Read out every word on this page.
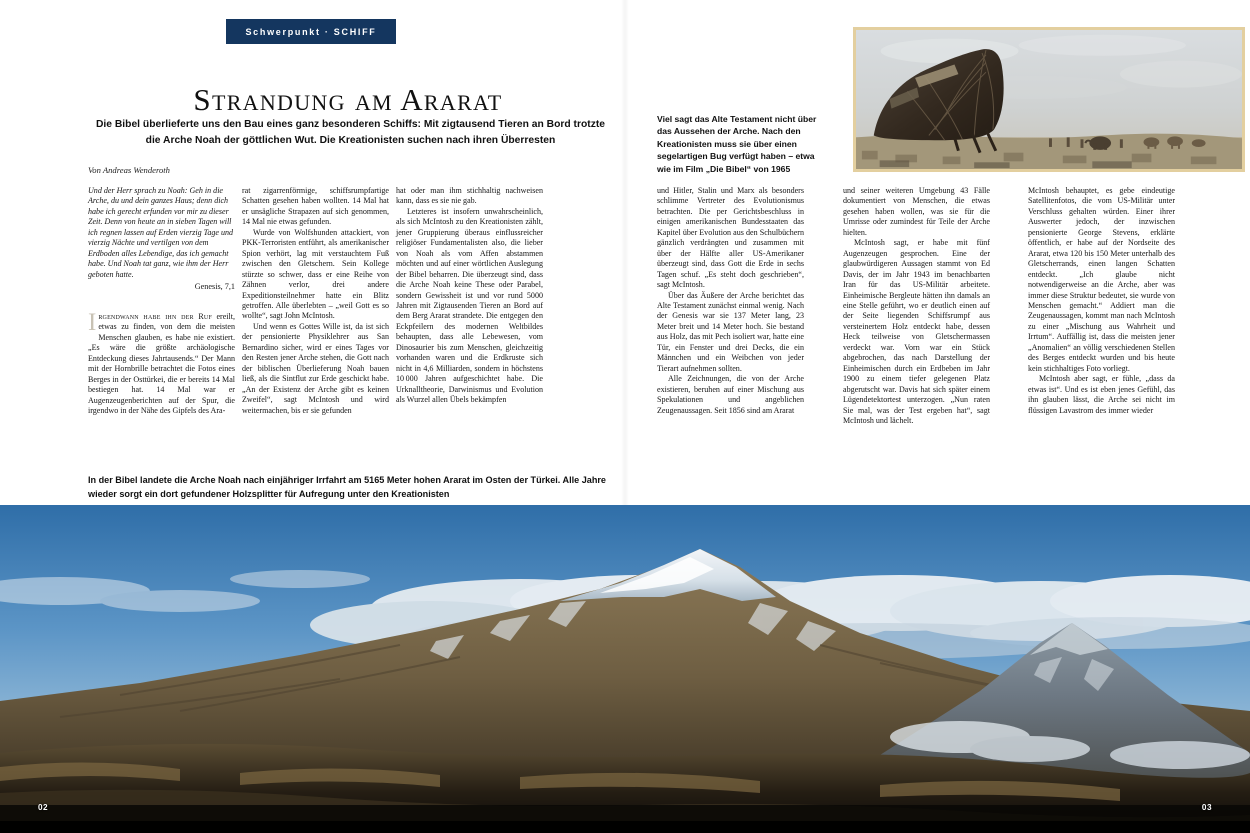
Schwerpunkt · SCHIFF
Strandung am Ararat
Die Bibel überlieferte uns den Bau eines ganz besonderen Schiffs: Mit zigtausend Tieren an Bord trotzte die Arche Noah der göttlichen Wut. Die Kreationisten suchen nach ihren Überresten
Von Andreas Wenderoth

Und der Herr sprach zu Noah: Geh in die Arche, du und dein ganzes Haus; denn dich habe ich gerecht erfunden vor mir zu dieser Zeit. Denn von heute an in sieben Tagen will ich regnen lassen auf Erden vierzig Tage und vierzig Nächte und vertilgen von dem Erdboden alles Lebendige, das ich gemacht habe. Und Noah tat ganz, wie ihm der Herr geboten hatte.

Genesis, 7,1

Irgendwann habe ihn der Ruf ereilt, etwas zu finden, von dem die meisten Menschen glauben, es habe nie existiert. „Es wäre die größte archäologische Entdeckung dieses Jahrtausends.“ Der Mann mit der Hornbrille betrachtet die Fotos eines Berges in der Osttürkei, die er bereits 14 Mal bestiegen hat. 14 Mal war er Augenzeugenberichten auf der Spur, die irgendwo in der Nähe des Gipfels des Ara-

rat zigarrenförmige, schiffsrumpfartige Schatten gesehen haben wollten. 14 Mal hat er unsägliche Strapazen auf sich genommen, 14 Mal nie etwas gefunden.

Wurde von Wolfshunden attackiert, von PKK-Terroristen entführt, als amerikanischer Spion verhört, lag mit verstauchtem Fuß zwischen den Gletschern. Sein Kollege stürzte so schwer, dass er eine Reihe von Zähnen verlor, drei andere Expeditionsteilnehmer hatte ein Blitz getroffen. Alle überlebten – „weil Gott es so wollte“, sagt John McIntosh.

Und wenn es Gottes Wille ist, da ist sich der pensionierte Physiklehrer aus San Bernardino sicher, wird er eines Tages vor den Resten jener Arche stehen, die Gott nach der biblischen Überlieferung Noah bauen ließ, als die Sintflut zur Erde geschickt habe. „An der Existenz der Arche gibt es keinen Zweifel“, sagt McIntosh und wird weitermachen, bis er sie gefunden

hat oder man ihm stichhaltig nachweisen kann, dass es sie nie gab.

Letzteres ist insofern unwahrscheinlich, als sich McIntosh zu den Kreationisten zählt, jener Gruppierung überaus einflussreicher religiöser Fundamentalisten also, die lieber von Noah als vom Affen abstammen möchten und auf einer wörtlichen Auslegung der Bibel beharren. Die überzeugt sind, dass die Arche Noah keine These oder Parabel, sondern Gewissheit ist und vor rund 5000 Jahren mit Zigtausenden Tieren an Bord auf dem Berg Ararat strandete. Die entgegen den Eckpfeilern des modernen Weltbildes behaupten, dass alle Lebewesen, vom Dinosaurier bis zum Menschen, gleichzeitig vorhanden waren und die Erdkruste sich nicht in 4,6 Milliarden, sondern in höchstens 10 000 Jahren aufgeschichtet habe. Die Urknalltheorie, Darwinismus und Evolution als Wurzel allen Übels bekämpfen

Viel sagt das Alte Testament nicht über das Aussehen der Arche. Nach den Kreationisten muss sie über einen segelartigen Bug verfügt haben – etwa wie im Film „Die Bibel“ von 1965

und Hitler, Stalin und Marx als besonders schlimme Vertreter des Evolutionismus betrachten. Die per Gerichtsbeschluss in einigen amerikanischen Bundesstaaten das Kapitel über Evolution aus den Schulbüchern gänzlich verdrängten und zusammen mit über der Hälfte aller US-Amerikaner überzeugt sind, dass Gott die Erde in sechs Tagen schuf. „Es steht doch geschrieben“, sagt McIntosh.

Über das Äußere der Arche berichtet das Alte Testament zunächst einmal wenig. Nach der Genesis war sie 137 Meter lang, 23 Meter breit und 14 Meter hoch. Sie bestand aus Holz, das mit Pech isoliert war, hatte eine Tür, ein Fenster und drei Decks, die ein Männchen und ein Weibchen von jeder Tierart aufnehmen sollten.

Alle Zeichnungen, die von der Arche existieren, beruhen auf einer Mischung aus Spekulationen und angeblichen Zeugenaussagen. Seit 1856 sind am Ararat

und seiner weiteren Umgebung 43 Fälle dokumentiert von Menschen, die etwas gesehen haben wollen, was sie für die Umrisse oder zumindest für Teile der Arche hielten.

McIntosh sagt, er habe mit fünf Augenzeugen gesprochen. Eine der glaubwürdigeren Aussagen stammt von Ed Davis, der im Jahr 1943 im benachbarten Iran für das US-Militär arbeitete. Einheimische Bergleute hätten ihn damals an eine Stelle geführt, wo er deutlich einen auf der Seite liegenden Schiffsrumpf aus versteinertem Holz entdeckt habe, dessen Heck teilweise von Gletschermassen verdeckt war. Vorn war ein Stück abgebrochen, das nach Darstellung der Einheimischen durch ein Erdbeben im Jahr 1900 zu einem tiefer gelegenen Platz abgerutscht war. Davis hat sich später einem Lügendetektortest unterzogen. „Nun raten Sie mal, was der Test ergeben hat“, sagt McIntosh und lächelt.

McIntosh behauptet, es gebe eindeutige Satellitenfotos, die vom US-Militär unter Verschluss gehalten würden. Einer ihrer Auswerter jedoch, der inzwischen pensionierte George Stevens, erklärte öffentlich, er habe auf der Nordseite des Ararat, etwa 120 bis 150 Meter unterhalb des Gletscherrands, einen langen Schatten entdeckt. „Ich glaube nicht notwendigerweise an die Arche, aber was immer diese Struktur bedeutet, sie wurde von Menschen gemacht.“ Addiert man die Zeugenaussagen, kommt man nach McIntosh zu einer „Mischung aus Wahrheit und Irrtum“. Auffällig ist, dass die meisten jener „Anomalien“ an völlig verschiedenen Stellen des Berges entdeckt wurden und bis heute kein stichhaltiges Foto vorliegt.

McIntosh aber sagt, er fühle, „dass da etwas ist“. Und es ist eben jenes Gefühl, das ihn glauben lässt, die Arche sei nicht im flüssigen Lavastrom des immer wieder

In der Bibel landete die Arche Noah nach einjähriger Irrfahrt am 5165 Meter hohen Ararat im Osten der Türkei. Alle Jahre wieder sorgt ein dort gefundener Holzsplitter für Aufregung unter den Kreationisten
02	03
